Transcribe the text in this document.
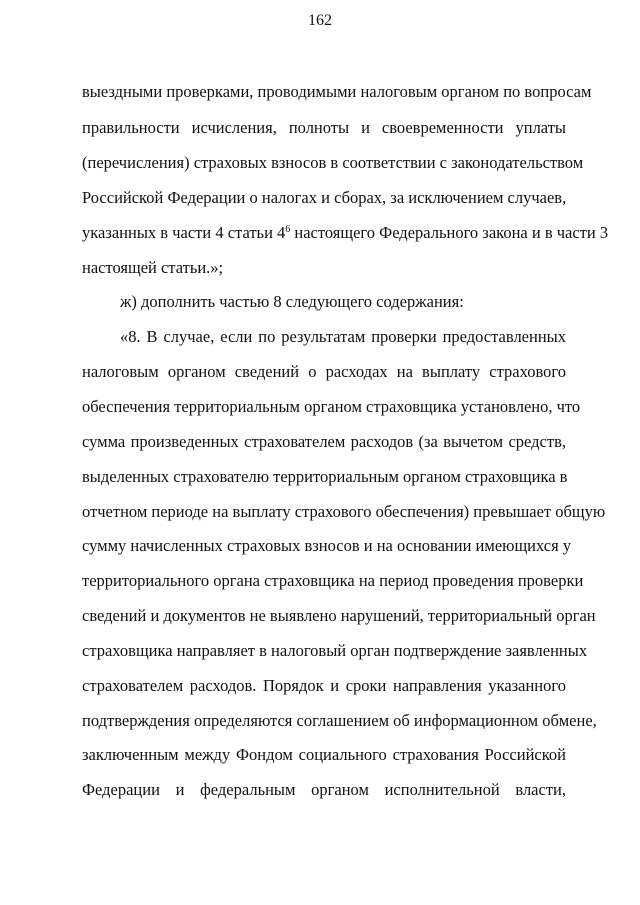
162
выездными проверками, проводимыми налоговым органом по вопросам
правильности исчисления, полноты и своевременности уплаты
(перечисления) страховых взносов в соответствии с законодательством
Российской Федерации о налогах и сборах, за исключением случаев,
указанных в части 4 статьи $4^6$ настоящего Федерального закона и в части 3
настоящей статьи.»;
ж) дополнить частью 8 следующего содержания:
«8. В случае, если по результатам проверки предоставленных
налоговым органом сведений о расходах на выплату страхового
обеспечения территориальным органом страховщика установлено, что
сумма произведенных страхователем расходов (за вычетом средств,
выделенных страхователю территориальным органом страховщика в
отчетном периоде на выплату страхового обеспечения) превышает общую
сумму начисленных страховых взносов и на основании имеющихся у
территориального органа страховщика на период проведения проверки
сведений и документов не выявлено нарушений, территориальный орган
страховщика направляет в налоговый орган подтверждение заявленных
страхователем расходов. Порядок и сроки направления указанного
подтверждения определяются соглашением об информационном обмене,
заключенным между Фондом социального страхования Российской
Федерации и федеральным органом исполнительной власти,
